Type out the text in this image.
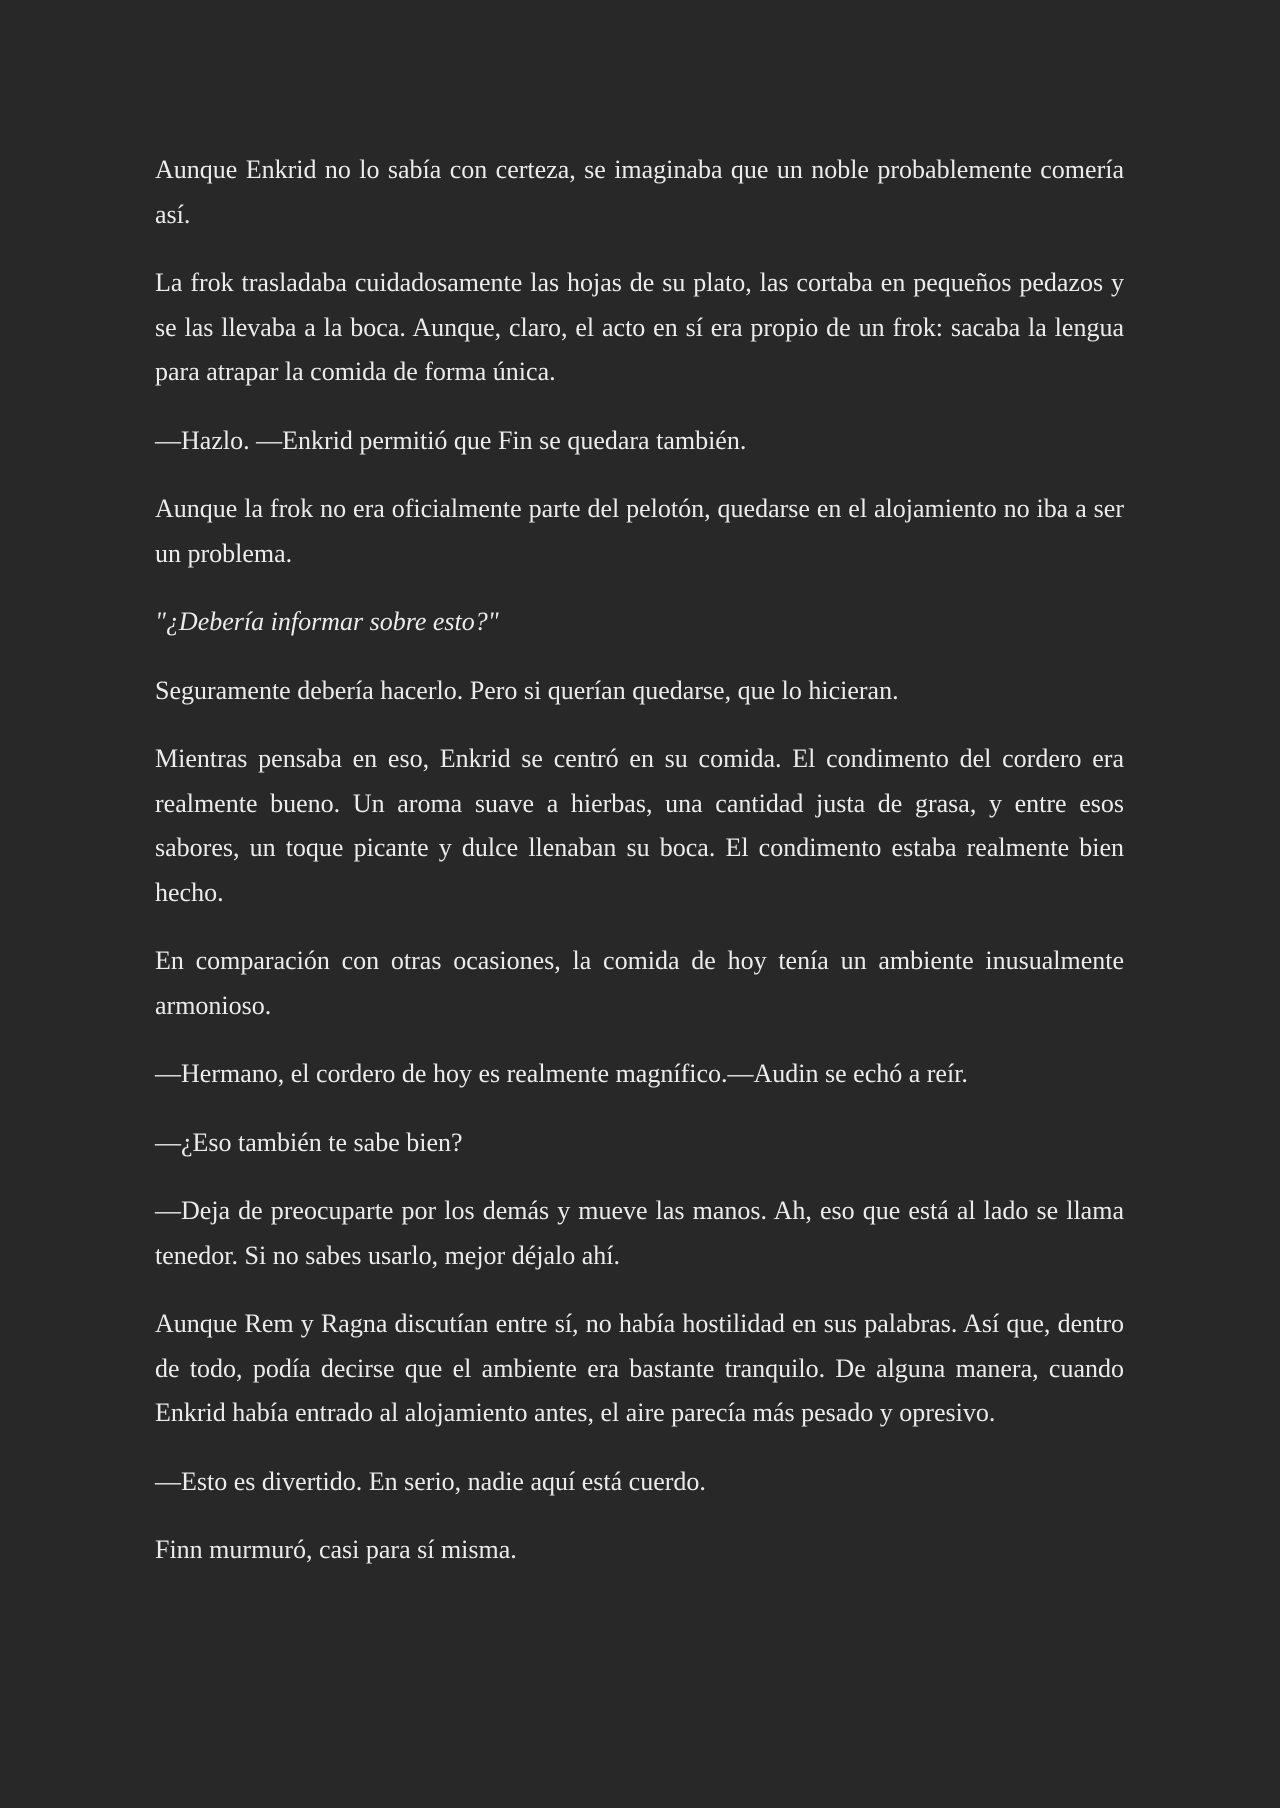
Aunque Enkrid no lo sabía con certeza, se imaginaba que un noble probablemente comería así.

La frok trasladaba cuidadosamente las hojas de su plato, las cortaba en pequeños pedazos y se las llevaba a la boca. Aunque, claro, el acto en sí era propio de un frok: sacaba la lengua para atrapar la comida de forma única.

—Hazlo. —Enkrid permitió que Fin se quedara también.

Aunque la frok no era oficialmente parte del pelotón, quedarse en el alojamiento no iba a ser un problema.

"¿Debería informar sobre esto?"

Seguramente debería hacerlo. Pero si querían quedarse, que lo hicieran.

Mientras pensaba en eso, Enkrid se centró en su comida. El condimento del cordero era realmente bueno. Un aroma suave a hierbas, una cantidad justa de grasa, y entre esos sabores, un toque picante y dulce llenaban su boca. El condimento estaba realmente bien hecho.

En comparación con otras ocasiones, la comida de hoy tenía un ambiente inusualmente armonioso.

—Hermano, el cordero de hoy es realmente magnífico.—Audin se echó a reír.

—¿Eso también te sabe bien?

—Deja de preocuparte por los demás y mueve las manos. Ah, eso que está al lado se llama tenedor. Si no sabes usarlo, mejor déjalo ahí.

Aunque Rem y Ragna discutían entre sí, no había hostilidad en sus palabras. Así que, dentro de todo, podía decirse que el ambiente era bastante tranquilo. De alguna manera, cuando Enkrid había entrado al alojamiento antes, el aire parecía más pesado y opresivo.

—Esto es divertido. En serio, nadie aquí está cuerdo.

Finn murmuró, casi para sí misma.
